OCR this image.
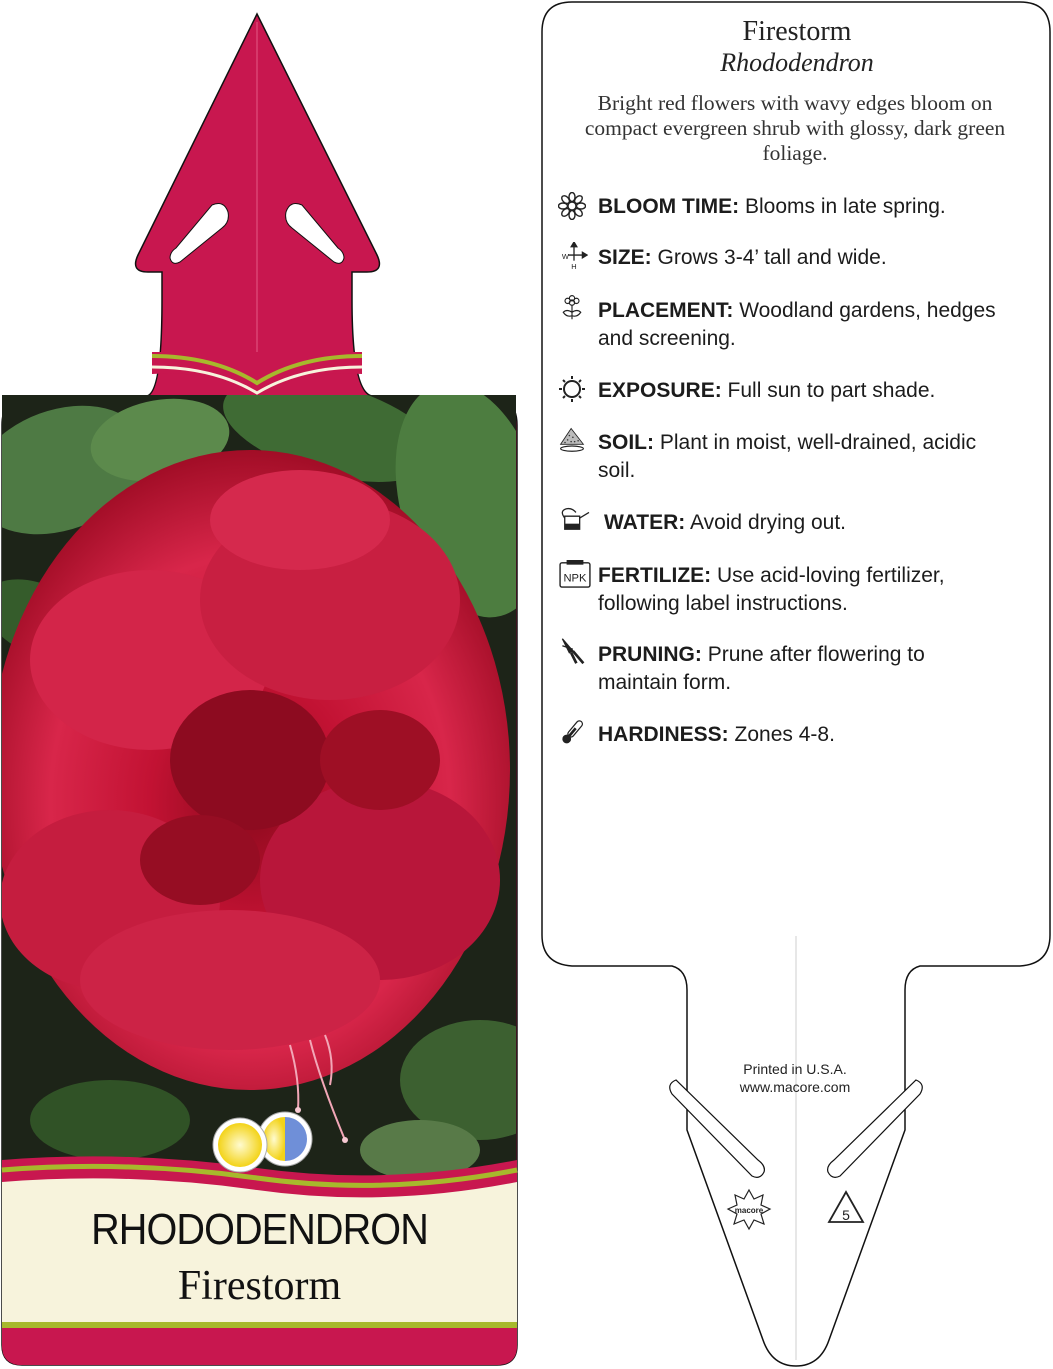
macore	5
RHODODENDRON
Firestorm
Firestorm
Rhododendron
Bright red flowers with wavy edges bloom on compact evergreen shrub with glossy, dark green foliage.
BLOOM TIME: Blooms in late spring.
W
H SIZE: Grows 3-4’ tall and wide.
PLACEMENT: Woodland gardens, hedges and screening.
EXPOSURE: Full sun to part shade.
SOIL: Plant in moist, well-drained, acidic soil.
WATER: Avoid drying out.
NPK FERTILIZE: Use acid-loving fertilizer, following label instructions.
PRUNING: Prune after flowering to maintain form.
HARDINESS: Zones 4-8.
Printed in U.S.A.
www.macore.com
